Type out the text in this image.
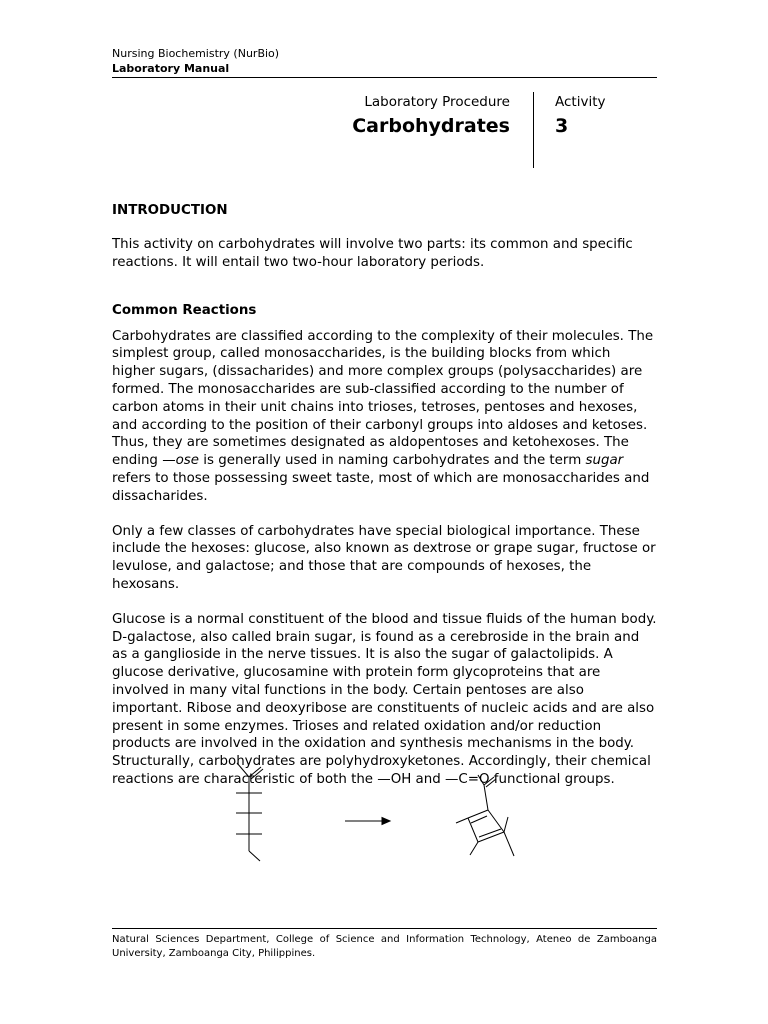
Nursing Biochemistry (NurBio)
Laboratory Manual
Laboratory Procedure
Carbohydrates
Activity
3
INTRODUCTION

This activity on carbohydrates will involve two parts: its common and specific reactions. It will entail two two-hour laboratory periods.

Common Reactions

Carbohydrates are classified according to the complexity of their molecules. The simplest group, called monosaccharides, is the building blocks from which higher sugars, (dissacharides) and more complex groups (polysaccharides) are formed. The monosaccharides are sub-classified according to the number of carbon atoms in their unit chains into trioses, tetroses, pentoses and hexoses, and according to the position of their carbonyl groups into aldoses and ketoses. Thus, they are sometimes designated as aldopentoses and ketohexoses. The ending —ose is generally used in naming carbohydrates and the term sugar refers to those possessing sweet taste, most of which are monosaccharides and dissacharides.

Only a few classes of carbohydrates have special biological importance. These include the hexoses: glucose, also known as dextrose or grape sugar, fructose or levulose, and galactose; and those that are compounds of hexoses, the hexosans.

Glucose is a normal constituent of the blood and tissue fluids of the human body. D-galactose, also called brain sugar, is found as a cerebroside in the brain and as a ganglioside in the nerve tissues. It is also the sugar of galactolipids. A glucose derivative, glucosamine with protein form glycoproteins that are involved in many vital functions in the body. Certain pentoses are also important. Ribose and deoxyribose are constituents of nucleic acids and are also present in some enzymes. Trioses and related oxidation and/or reduction products are involved in the oxidation and synthesis mechanisms in the body. Structurally, carbohydrates are polyhydroxyketones. Accordingly, their chemical reactions are characteristic of both the —OH and —C=O functional groups.

Natural Sciences Department, College of Science and Information Technology, Ateneo de Zamboanga University, Zamboanga City, Philippines.
